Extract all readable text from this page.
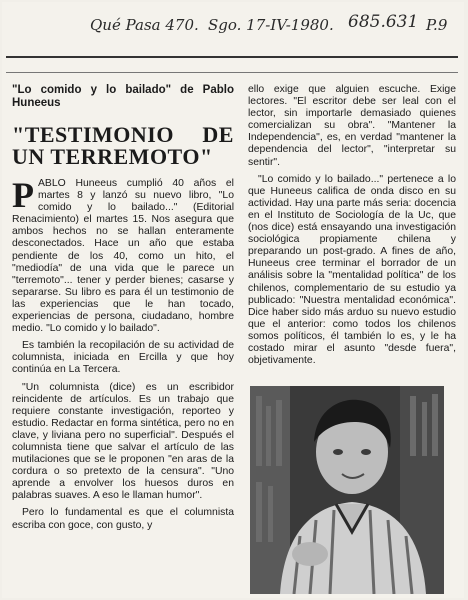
Qué Pasa 470. Sgo. 17-IV-1980. 685.631 P.9

"Lo comido y lo bailado" de Pablo Huneeus

"TESTIMONIO DE UN TERREMOTO"

PABLO Huneeus cumplió 40 años el martes 8 y lanzó su nuevo libro, "Lo comido y lo bailado..." (Editorial Renacimiento) el martes 15. Nos asegura que ambos hechos no se hallan enteramente desconectados. Hace un año que estaba pendiente de los 40, como un hito, el "mediodía" de una vida que le parece un "terremoto"... tener y perder bienes; casarse y separarse. Su libro es para él un testimonio de las experiencias que le han tocado, experiencias de persona, ciudadano, hombre medio. "Lo comido y lo bailado".

Es también la recopilación de su actividad de columnista, iniciada en Ercilla y que hoy continúa en La Tercera.

"Un columnista (dice) es un escribidor reincidente de artículos. Es un trabajo que requiere constante investigación, reporteo y estudio. Redactar en forma sintética, pero no en clave, y liviana pero no superficial". Después el columnista tiene que salvar el artículo de las mutilaciones que se le proponen "en aras de la cordura o so pretexto de la censura". "Uno aprende a envolver los huesos duros en palabras suaves. A eso le llaman humor".

Pero lo fundamental es que el columnista escriba con goce, con gusto, y

ello exige que alguien escuche. Exige lectores. "El escritor debe ser leal con el lector, sin importarle demasiado quienes comercializan su obra". "Mantener la Independencia", es, en verdad "mantener la dependencia del lector", "interpretar su sentir".

"Lo comido y lo bailado..." pertenece a lo que Huneeus califica de onda disco en su actividad. Hay una parte más seria: docencia en el Instituto de Sociología de la Uc, que (nos dice) está ensayando una investigación sociológica propiamente chilena y preparando un post-grado. A fines de año, Huneeus cree terminar el borrador de un análisis sobre la "mentalidad política" de los chilenos, complementario de su estudio ya publicado: "Nuestra mentalidad económica". Dice haber sido más arduo su nuevo estudio que el anterior: como todos los chilenos somos políticos, él también lo es, y le ha costado mirar el asunto "desde fuera", objetivamente.
